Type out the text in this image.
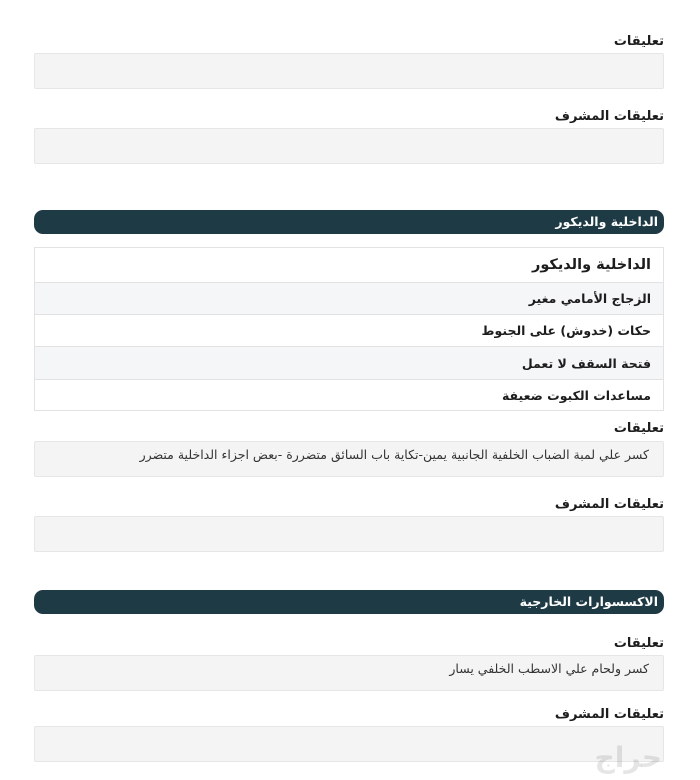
تعليقات
تعليقات المشرف
الداخلية والديكور
الداخلية والديكور
الزجاج الأمامي مغير
حكات (خدوش) على الجنوط
فتحة السقف لا تعمل
مساعدات الكبوت ضعيفة
تعليقات
كسر علي لمبة الضباب الخلفية الجانبية يمين-تكاية باب السائق متضررة -بعض اجزاء الداخلية متضرر
تعليقات المشرف
الاكسسوارات الخارجية
تعليقات
كسر ولحام علي الاسطب الخلفي يسار
تعليقات المشرف
حراج
